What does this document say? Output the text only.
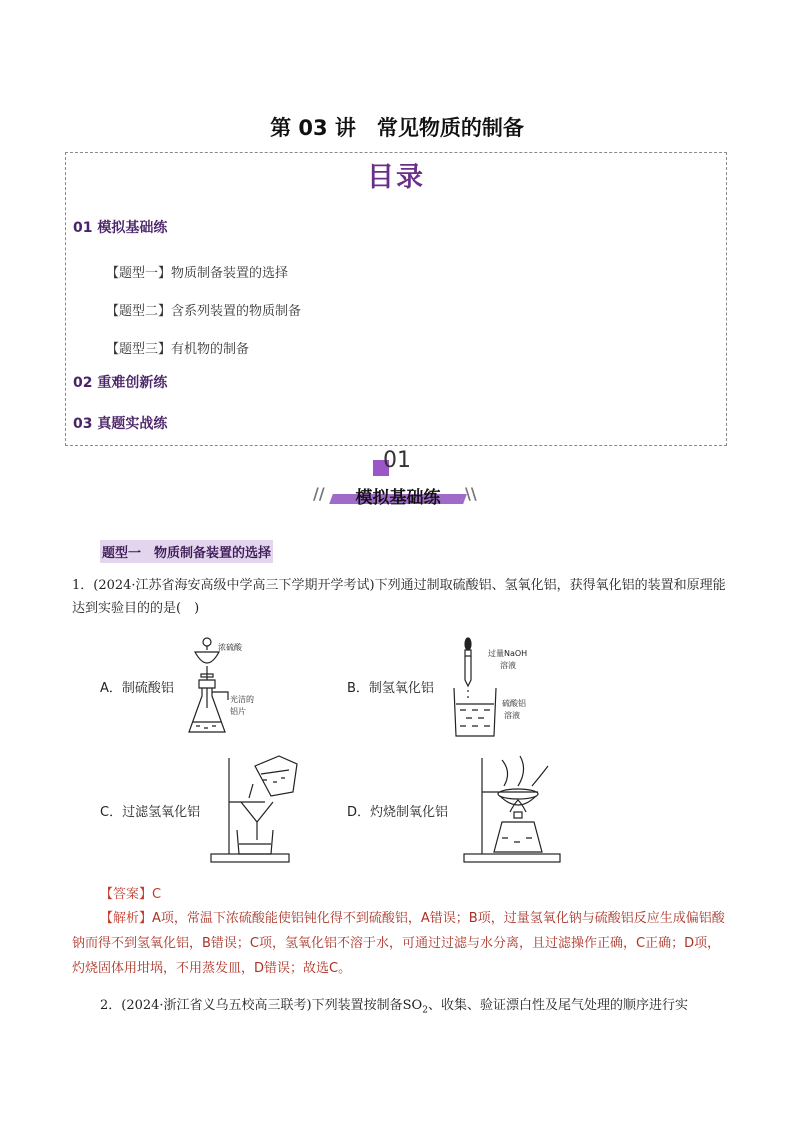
第 03 讲　常见物质的制备
目录
01 模拟基础练
【题型一】物质制备装置的选择
【题型二】含系列装置的物质制备
【题型三】有机物的制备
02 重难创新练
03 真题实战练
01
//	模拟基础练	\\
题型一　物质制备装置的选择
1．(2024·江苏省海安高级中学高三下学期开学考试)下列通过制取硫酸铝、氢氧化铝，获得氧化铝的装置和原理能达到实验目的的是(　)
A．制硫酸铝
浓硫酸
光洁的
铝片
B．制氢氧化铝
过量NaOH
溶液
硫酸铝
溶液
C．过滤氢氧化铝	D．灼烧制氧化铝
【答案】C
【解析】A项，常温下浓硫酸能使铝钝化得不到硫酸铝，A错误；B项，过量氢氧化钠与硫酸铝反应生成偏铝酸钠而得不到氢氧化铝，B错误；C项，氢氧化铝不溶于水，可通过过滤与水分离，且过滤操作正确，C正确；D项，灼烧固体用坩埚，不用蒸发皿，D错误；故选C。
2．(2024·浙江省义乌五校高三联考)下列装置按制备$SO_2$、收集、验证漂白性及尾气处理的顺序进行实
